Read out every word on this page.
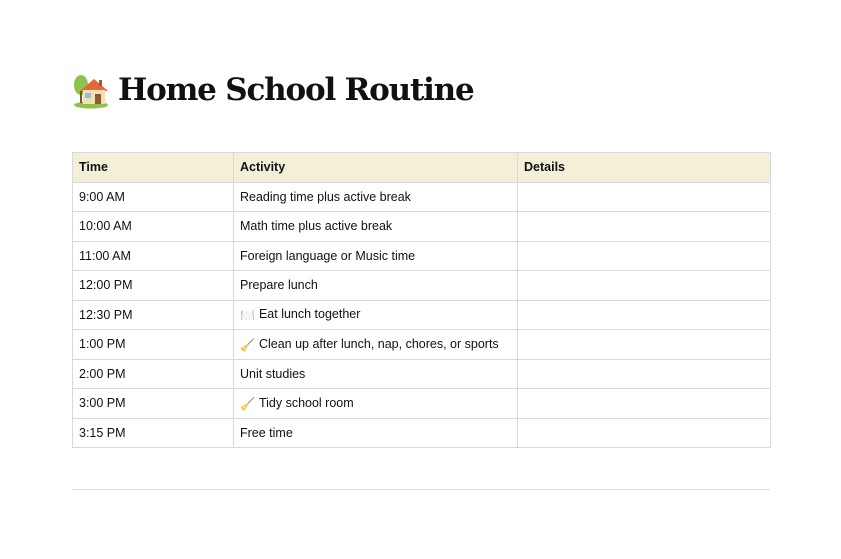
Home School Routine
Time	Activity	Details
9:00 AM	Reading time plus active break	
10:00 AM	Math time plus active break	
11:00 AM	Foreign language or Music time	
12:00 PM	Prepare lunch	
12:30 PM	🍽️ Eat lunch together	
1:00 PM	🧹 Clean up after lunch, nap, chores, or sports	
2:00 PM	Unit studies	
3:00 PM	🧹 Tidy school room	
3:15 PM	Free time	
